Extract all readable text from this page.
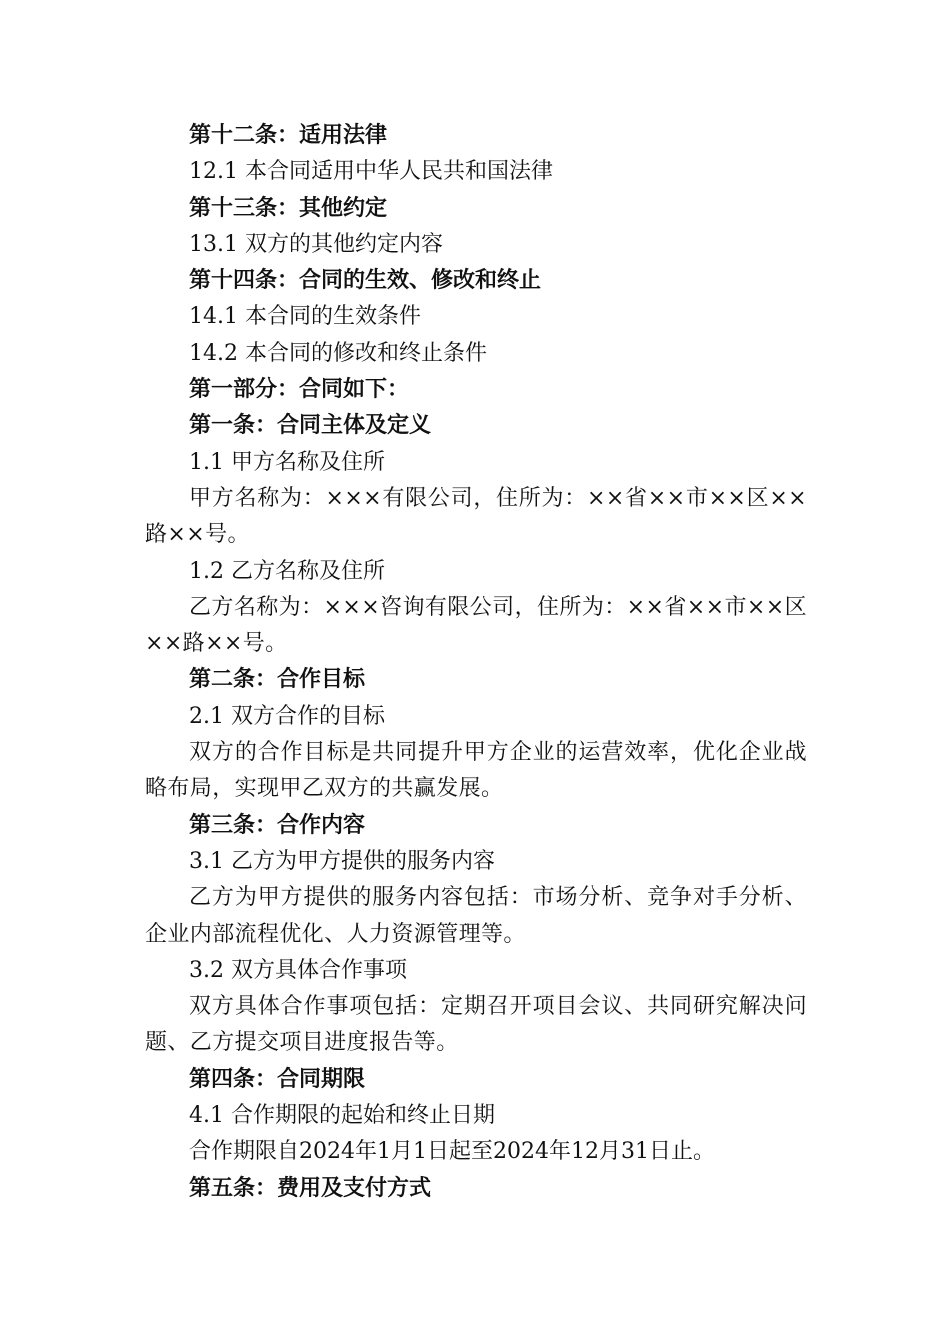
第十二条：适用法律

12.1 本合同适用中华人民共和国法律

第十三条：其他约定

13.1 双方的其他约定内容

第十四条：合同的生效、修改和终止

14.1 本合同的生效条件

14.2 本合同的修改和终止条件

第一部分：合同如下：

第一条：合同主体及定义

1.1 甲方名称及住所

甲方名称为：×××有限公司，住所为：××省××市××区××路××号。

1.2 乙方名称及住所

乙方名称为：×××咨询有限公司，住所为：××省××市××区××路××号。

第二条：合作目标

2.1 双方合作的目标

双方的合作目标是共同提升甲方企业的运营效率，优化企业战略布局，实现甲乙双方的共赢发展。

第三条：合作内容

3.1 乙方为甲方提供的服务内容

乙方为甲方提供的服务内容包括：市场分析、竞争对手分析、企业内部流程优化、人力资源管理等。

3.2 双方具体合作事项

双方具体合作事项包括：定期召开项目会议、共同研究解决问题、乙方提交项目进度报告等。

第四条：合同期限

4.1 合作期限的起始和终止日期

合作期限自2024年1月1日起至2024年12月31日止。

第五条：费用及支付方式
